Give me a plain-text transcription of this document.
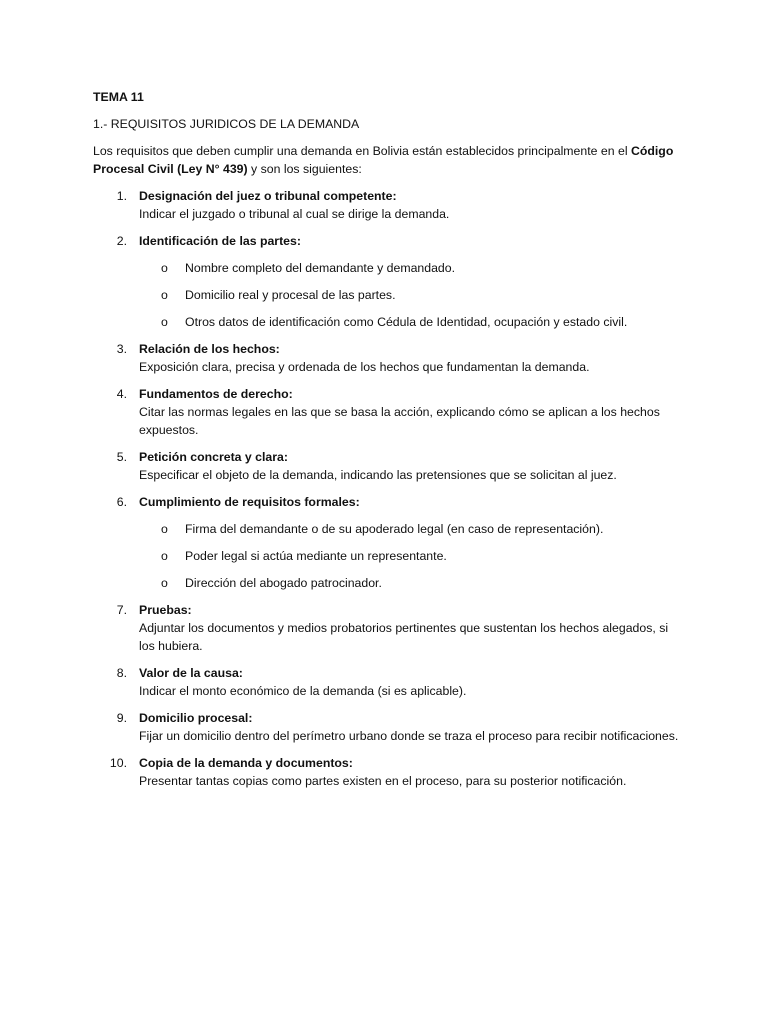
TEMA 11

1.- REQUISITOS JURIDICOS DE LA DEMANDA

Los requisitos que deben cumplir una demanda en Bolivia están establecidos principalmente en el Código Procesal Civil (Ley N° 439) y son los siguientes:

1. Designación del juez o tribunal competente:
Indicar el juzgado o tribunal al cual se dirige la demanda.
2. Identificación de las partes:
o Nombre completo del demandante y demandado.
o Domicilio real y procesal de las partes.
o Otros datos de identificación como Cédula de Identidad, ocupación y estado civil.
3. Relación de los hechos:
Exposición clara, precisa y ordenada de los hechos que fundamentan la demanda.
4. Fundamentos de derecho:
Citar las normas legales en las que se basa la acción, explicando cómo se aplican a los hechos expuestos.
5. Petición concreta y clara:
Especificar el objeto de la demanda, indicando las pretensiones que se solicitan al juez.
6. Cumplimiento de requisitos formales:
o Firma del demandante o de su apoderado legal (en caso de representación).
o Poder legal si actúa mediante un representante.
o Dirección del abogado patrocinador.
7. Pruebas:
Adjuntar los documentos y medios probatorios pertinentes que sustentan los hechos alegados, si los hubiera.
8. Valor de la causa:
Indicar el monto económico de la demanda (si es aplicable).
9. Domicilio procesal:
Fijar un domicilio dentro del perímetro urbano donde se traza el proceso para recibir notificaciones.
10. Copia de la demanda y documentos:
Presentar tantas copias como partes existen en el proceso, para su posterior notificación.
